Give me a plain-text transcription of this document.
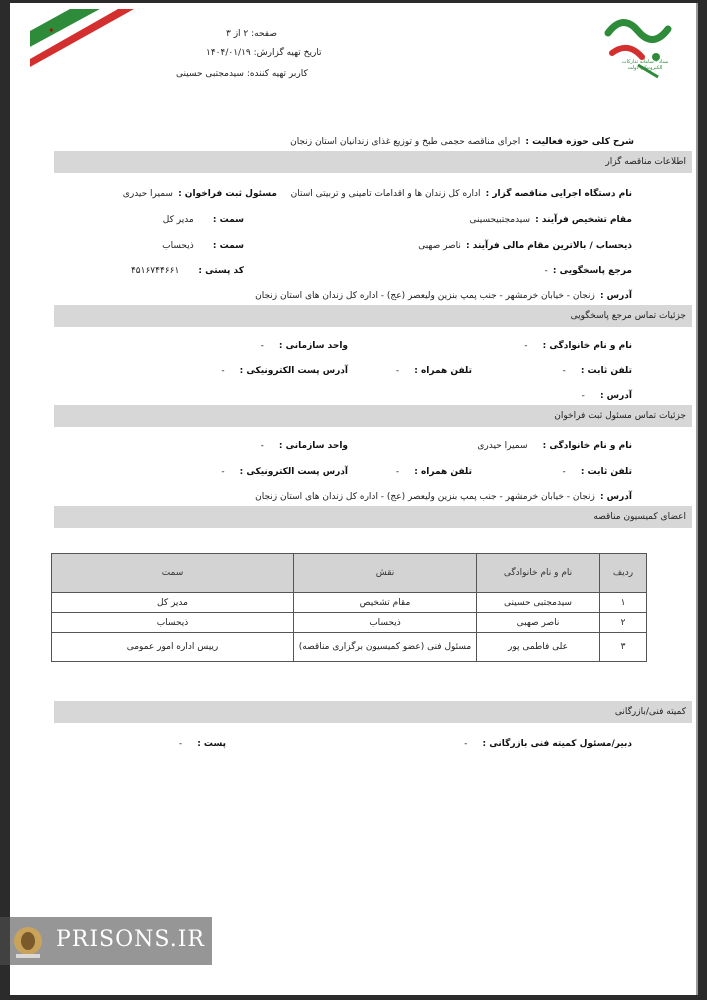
✦	صفحه: ۲ از ۳
تاریخ تهیه گزارش: ۱۴۰۴/۰۱/۱۹
کاربر تهیه کننده: سیدمجتبی حسینی
ستاد - سامانه تدارکات الکترونیکی دولت
شرح کلی حوزه فعالیت : اجرای مناقصه حجمی طبخ و توزیع غذای زندانیان استان زنجان
اطلاعات مناقصه گزار
نام دستگاه اجرایی مناقصه گزار : اداره کل زندان ها و اقدامات تامینی و تربیتی استان
مسئول ثبت فراخوان : سمیرا حیدری
مقام تشخیص فرآیند : سیدمجتبیحسینی
سمت : مدیر کل
ذیحساب / بالاترین مقام مالی فرآیند : ناصر صهبی
سمت : ذیحساب
مرجع پاسخگویی : -
کد پستی : ۴۵۱۶۷۴۴۶۶۱
آدرس : زنجان - خیابان خرمشهر - جنب پمپ بنزین ولیعصر (عج) - اداره کل زندان های استان زنجان
جزئیات تماس مرجع پاسخگویی
نام و نام خانوادگی : -
واحد سازمانی : -
تلفن ثابت : -
تلفن همراه : -
آدرس پست الکترونیکی : -
آدرس : -
جزئیات تماس مسئول ثبت فراخوان
نام و نام خانوادگی : سمیرا حیدری
واحد سازمانی : -
تلفن ثابت : -
تلفن همراه : -
آدرس پست الکترونیکی : -
آدرس : زنجان - خیابان خرمشهر - جنب پمپ بنزین ولیعصر (عج) - اداره کل زندان های استان زنجان
اعضای کمیسیون مناقصه
ردیف	نام و نام خانوادگی	نقش	سمت
۱	سیدمجتبی حسینی	مقام تشخیص	مدیر کل
۲	ناصر صهبی	ذیحساب	ذیحساب
۳	علی فاطمی پور	مسئول فنی (عضو کمیسیون برگزاری مناقصه)	رییس اداره امور عمومی
کمیته فنی/بازرگانی
دبیر/مسئول کمیته فنی بازرگانی : -
پست : -
PRISONS.IR
